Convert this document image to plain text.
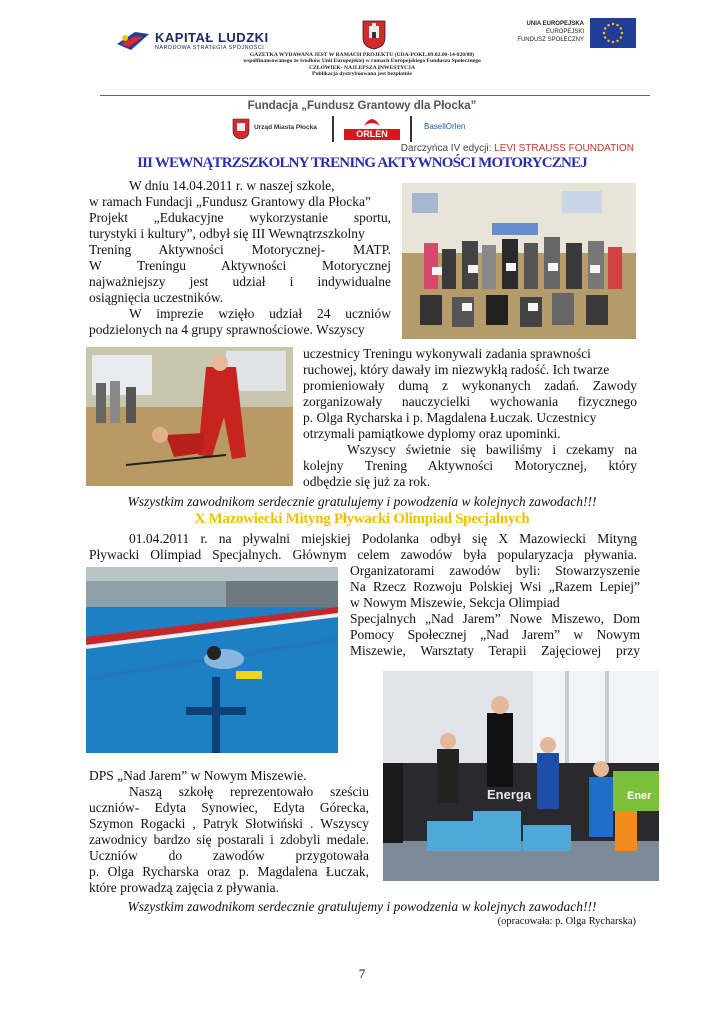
KAPITAŁ LUDZKI
NARODOWA STRATEGIA SPÓJNOŚCI
UNIA EUROPEJSKA
EUROPEJSKI
FUNDUSZ SPOŁECZNY
GAZETKA WYDAWANA JEST W RAMACH PROJEKTU (UDA-POKL.09.02.00-14-020/08)
współfinansowanego ze środków Unii Europejskiej w ramach Europejskiego Funduszu Społecznego
CZŁOWIEK- NAJLEPSZA INWESTYCJA
Publikacja dystrybuowana jest bezpłatnie
Fundacja „Fundusz Grantowy dla Płocka”
Urząd Miasta Płocka
ORLEN
BasellOrlen
Darczyńca IV edycji: LEVI STRAUSS FOUNDATION
III WEWNĄTRZSZKOLNY TRENING AKTYWNOŚCI MOTORYCZNEJ
W dniu 14.04.2011 r. w naszej szkole,
w ramach Fundacji „Fundusz Grantowy dla Płocka”
Projekt „Edukacyjne wykorzystanie sportu,
turystyki i kultury”, odbył się III Wewnątrzszkolny
Trening Aktywności Motorycznej- MATP.
W Treningu Aktywności Motorycznej
najważniejszy jest udział i indywidualne
osiągnięcia uczestników.
W imprezie wzięło udział 24 uczniów
podzielonych na 4 grupy sprawnościowe. Wszyscy
uczestnicy Treningu wykonywali zadania sprawności
ruchowej, który dawały im niezwykłą radość. Ich twarze
promieniowały dumą z wykonanych zadań. Zawody
zorganizowały nauczycielki wychowania fizycznego
p. Olga Rycharska i p. Magdalena Łuczak. Uczestnicy
otrzymali pamiątkowe dyplomy oraz upominki.
Wszyscy świetnie się bawiliśmy i czekamy na
kolejny Trening Aktywności Motorycznej, który
odbędzie się już za rok.
Wszystkim zawodnikom serdecznie gratulujemy i powodzenia w kolejnych zawodach!!!
X Mazowiecki Mityng Pływacki Olimpiad Specjalnych
01.04.2011 r. na pływalni miejskiej Podolanka odbył się X Mazowiecki Mityng
Pływacki Olimpiad Specjalnych. Głównym celem zawodów była popularyzacja pływania.
Organizatorami zawodów byli: Stowarzyszenie
Na Rzecz Rozwoju Polskiej Wsi „Razem Lepiej”
w Nowym Miszewie, Sekcja Olimpiad
Specjalnych „Nad Jarem” Nowe Miszewo, Dom
Pomocy Społecznej „Nad Jarem” w Nowym
Miszewie, Warsztaty Terapii Zajęciowej przy
Energa	Ener
DPS „Nad Jarem” w Nowym Miszewie.
Naszą szkołę reprezentowało sześciu
uczniów- Edyta Synowiec, Edyta Górecka,
Szymon Rogacki , Patryk Słotwiński . Wszyscy
zawodnicy bardzo się postarali i zdobyli medale.
Uczniów do zawodów przygotowała
p. Olga Rycharska oraz p. Magdalena Łuczak,
które prowadzą zajęcia z pływania.
Wszystkim zawodnikom serdecznie gratulujemy i powodzenia w kolejnych zawodach!!!
(opracowała: p. Olga Rycharska)
7
